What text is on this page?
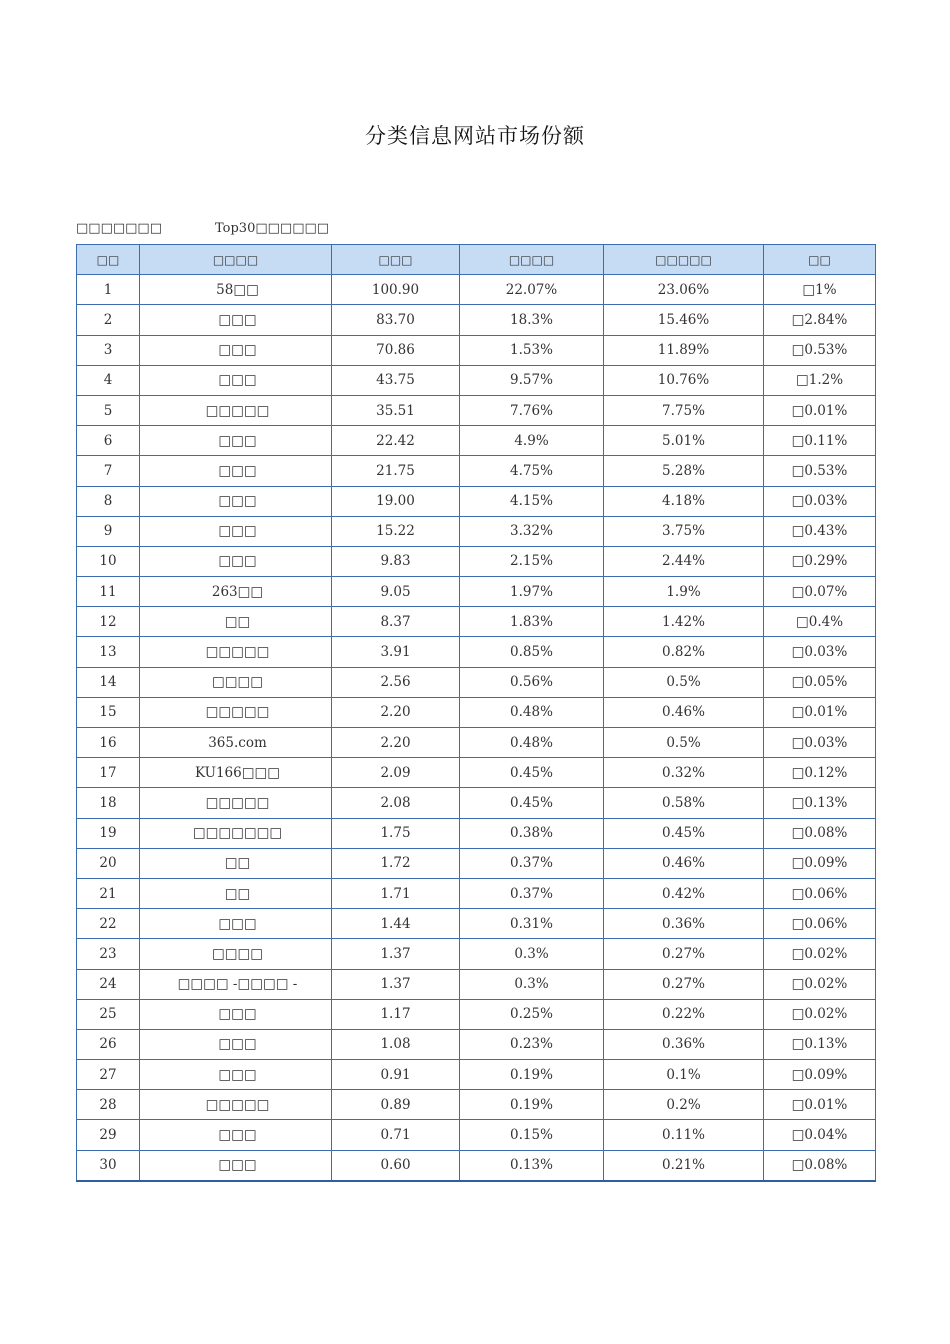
分类信息网站市场份额
□□□□□□□	Top30□□□□□□
□□	□□□□	□□□	□□□□	□□□□□	□□
1	58□□	100.90	22.07%	23.06%	□1%
2	□□□	83.70	18.3%	15.46%	□2.84%
3	□□□	70.86	1.53%	11.89%	□0.53%
4	□□□	43.75	9.57%	10.76%	□1.2%
5	□□□□□	35.51	7.76%	7.75%	□0.01%
6	□□□	22.42	4.9%	5.01%	□0.11%
7	□□□	21.75	4.75%	5.28%	□0.53%
8	□□□	19.00	4.15%	4.18%	□0.03%
9	□□□	15.22	3.32%	3.75%	□0.43%
10	□□□	9.83	2.15%	2.44%	□0.29%
11	263□□	9.05	1.97%	1.9%	□0.07%
12	□□	8.37	1.83%	1.42%	□0.4%
13	□□□□□	3.91	0.85%	0.82%	□0.03%
14	□□□□	2.56	0.56%	0.5%	□0.05%
15	□□□□□	2.20	0.48%	0.46%	□0.01%
16	365.com	2.20	0.48%	0.5%	□0.03%
17	KU166□□□	2.09	0.45%	0.32%	□0.12%
18	□□□□□	2.08	0.45%	0.58%	□0.13%
19	□□□□□□□	1.75	0.38%	0.45%	□0.08%
20	□□	1.72	0.37%	0.46%	□0.09%
21	□□	1.71	0.37%	0.42%	□0.06%
22	□□□	1.44	0.31%	0.36%	□0.06%
23	□□□□	1.37	0.3%	0.27%	□0.02%
24	□□□□ -□□□□ -	1.37	0.3%	0.27%	□0.02%
25	□□□	1.17	0.25%	0.22%	□0.02%
26	□□□	1.08	0.23%	0.36%	□0.13%
27	□□□	0.91	0.19%	0.1%	□0.09%
28	□□□□□	0.89	0.19%	0.2%	□0.01%
29	□□□	0.71	0.15%	0.11%	□0.04%
30	□□□	0.60	0.13%	0.21%	□0.08%
